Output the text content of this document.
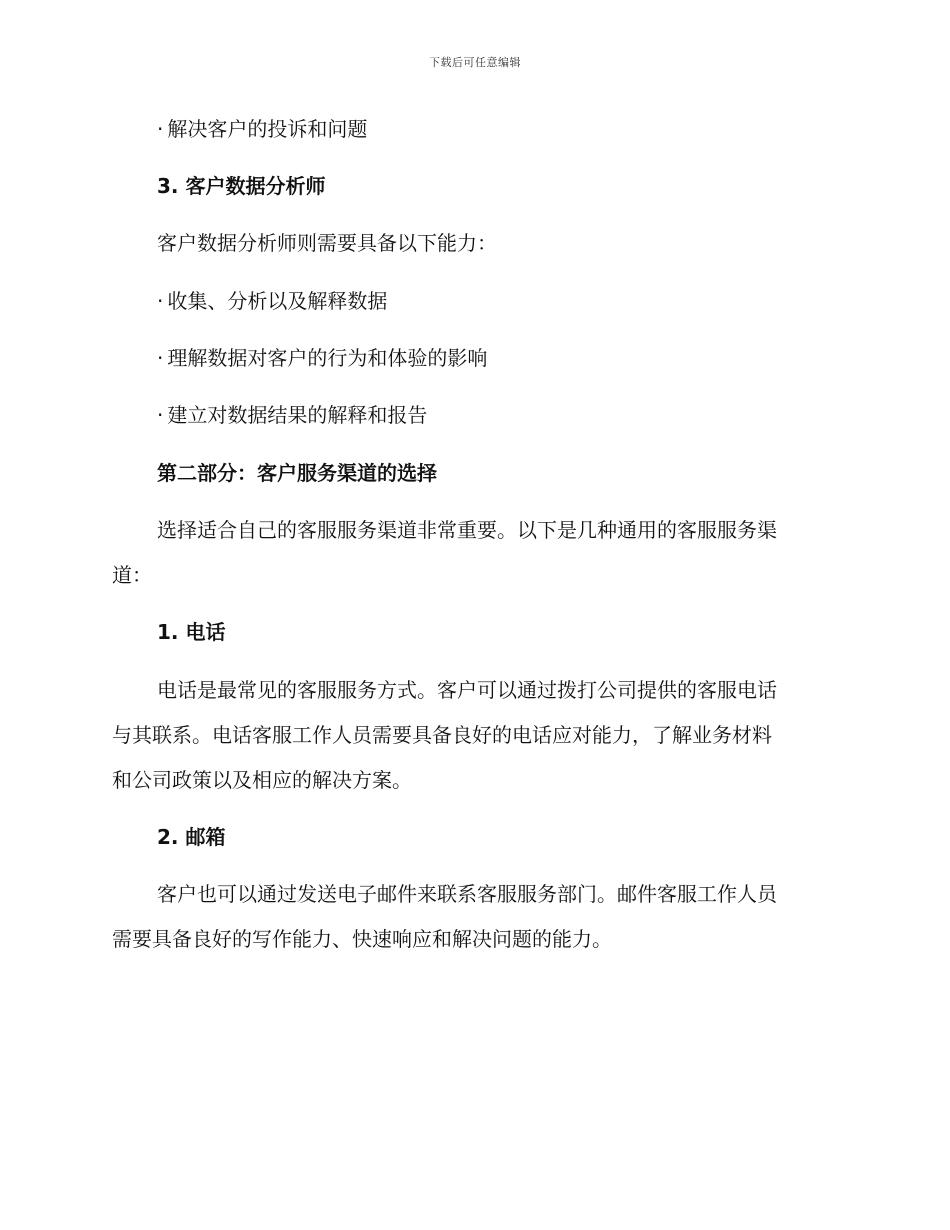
下载后可任意编辑
· 解决客户的投诉和问题
3. 客户数据分析师
客户数据分析师则需要具备以下能力：
· 收集、分析以及解释数据
· 理解数据对客户的行为和体验的影响
· 建立对数据结果的解释和报告
第二部分：客户服务渠道的选择
选择适合自己的客服服务渠道非常重要。以下是几种通用的客服服务渠
道：
1. 电话
电话是最常见的客服服务方式。客户可以通过拨打公司提供的客服电话
与其联系。电话客服工作人员需要具备良好的电话应对能力，了解业务材料
和公司政策以及相应的解决方案。
2. 邮箱
客户也可以通过发送电子邮件来联系客服服务部门。邮件客服工作人员
需要具备良好的写作能力、快速响应和解决问题的能力。
